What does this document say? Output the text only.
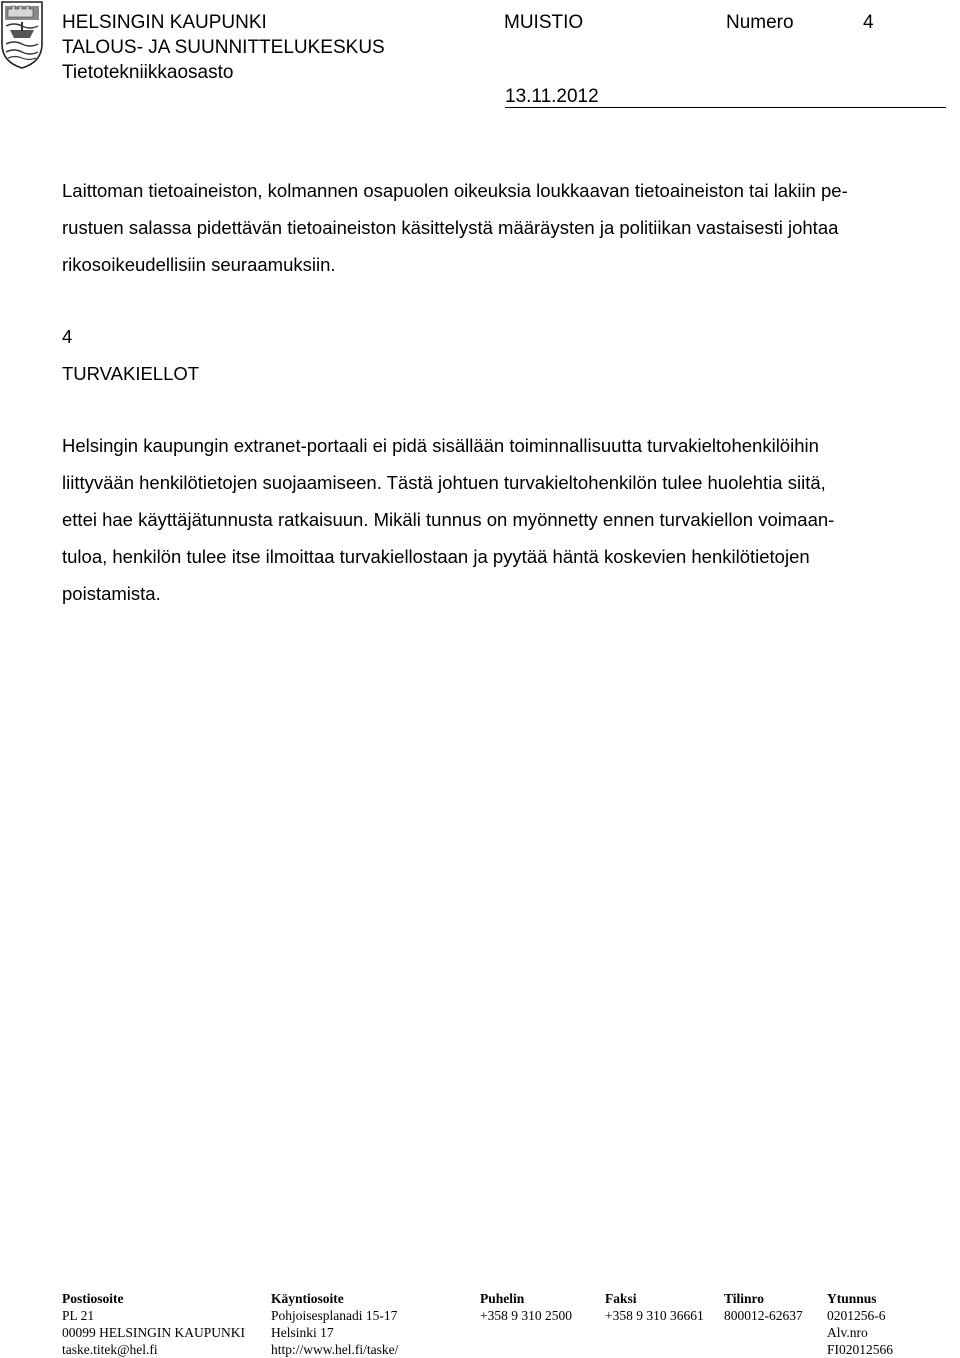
HELSINGIN KAUPUNKI
TALOUS- JA SUUNNITTELUKESKUS
Tietotekniikkaosasto
MUISTIO	Numero	4
13.11.2012
Laittoman tietoaineiston, kolmannen osapuolen oikeuksia loukkaavan tietoaineiston tai lakiin pe-
rustuen salassa pidettävän tietoaineiston käsittelystä määräysten ja politiikan vastaisesti johtaa
rikosoikeudellisiin seuraamuksiin.
4
TURVAKIELLOT
Helsingin kaupungin extranet-portaali ei pidä sisällään toiminnallisuutta turvakieltohenkilöihin
liittyvään henkilötietojen suojaamiseen. Tästä johtuen turvakieltohenkilön tulee huolehtia siitä,
ettei hae käyttäjätunnusta ratkaisuun. Mikäli tunnus on myönnetty ennen turvakiellon voimaan-
tuloa, henkilön tulee itse ilmoittaa turvakiellostaan ja pyytää häntä koskevien henkilötietojen
poistamista.
Postiosoite
PL 21
00099 HELSINGIN KAUPUNKI
taske.titek@hel.fi
Käyntiosoite
Pohjoisesplanadi 15-17
Helsinki 17
http://www.hel.fi/taske/
Puhelin
+358 9 310 2500
Faksi
+358 9 310 36661
Tilinro
800012-62637
Ytunnus
0201256-6
Alv.nro
FI02012566
